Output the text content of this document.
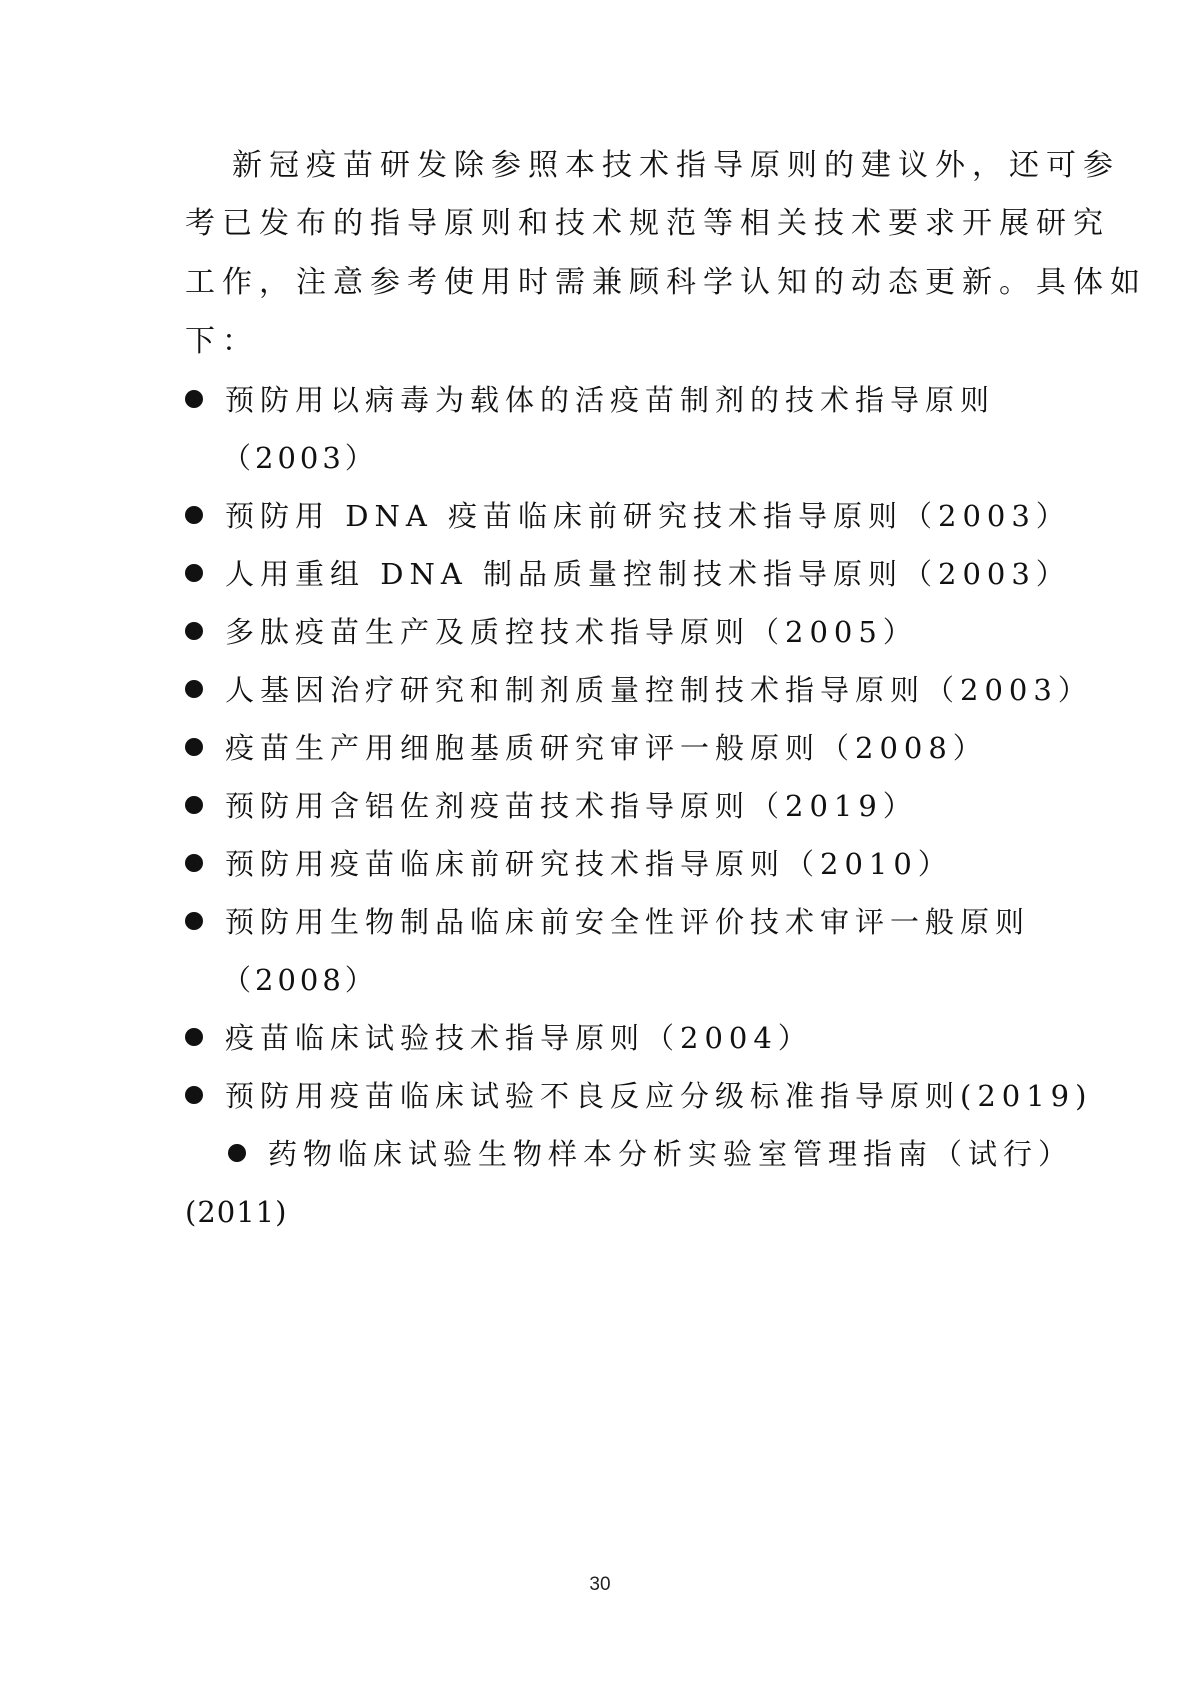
新冠疫苗研发除参照本技术指导原则的建议外，还可参
考已发布的指导原则和技术规范等相关技术要求开展研究
工作，注意参考使用时需兼顾科学认知的动态更新。具体如
下：
预防用以病毒为载体的活疫苗制剂的技术指导原则
（2003）
预防用 DNA 疫苗临床前研究技术指导原则（2003）
人用重组 DNA 制品质量控制技术指导原则（2003）
多肽疫苗生产及质控技术指导原则（2005）
人基因治疗研究和制剂质量控制技术指导原则（2003）
疫苗生产用细胞基质研究审评一般原则（2008）
预防用含铝佐剂疫苗技术指导原则（2019）
预防用疫苗临床前研究技术指导原则（2010）
预防用生物制品临床前安全性评价技术审评一般原则
（2008）
疫苗临床试验技术指导原则（2004）
预防用疫苗临床试验不良反应分级标准指导原则(2019)
药物临床试验生物样本分析实验室管理指南（试行）
(2011)
30
